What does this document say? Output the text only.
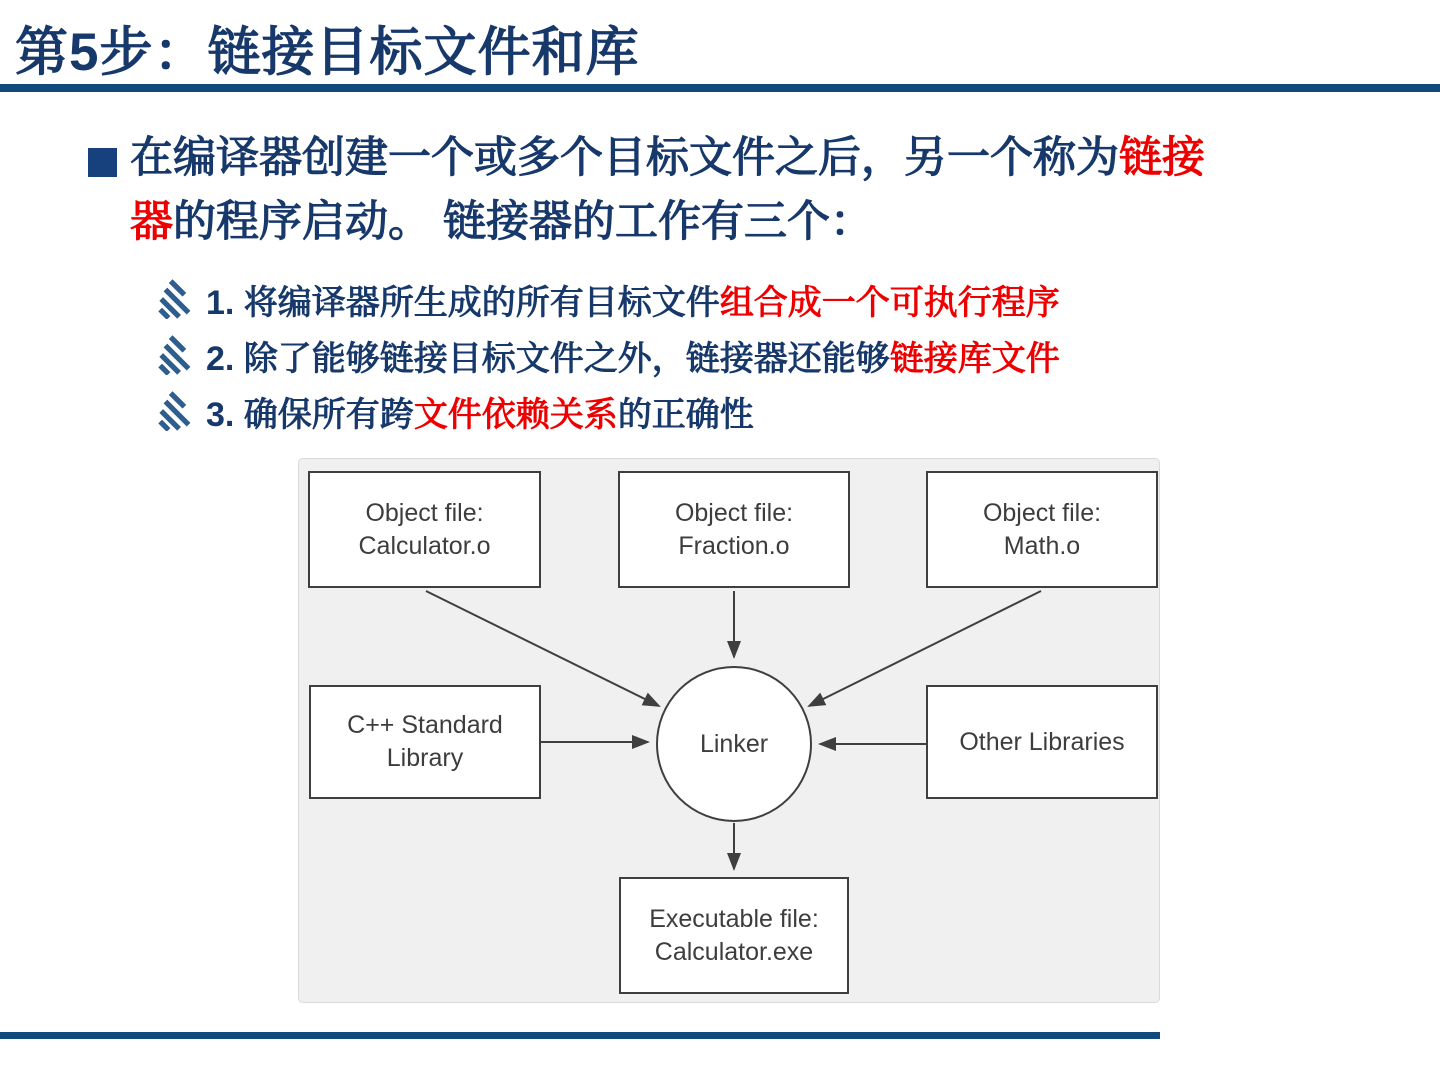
第5步：链接目标文件和库
在编译器创建一个或多个目标文件之后，另一个称为链接
器的程序启动。 链接器的工作有三个：
1. 将编译器所生成的所有目标文件组合成一个可执行程序
2. 除了能够链接目标文件之外，链接器还能够链接库文件
3. 确保所有跨文件依赖关系的正确性
Object file:
Calculator.o
Object file:
Fraction.o
Object file:
Math.o
C++ Standard
Library
Other Libraries
Linker
Executable file:
Calculator.exe
